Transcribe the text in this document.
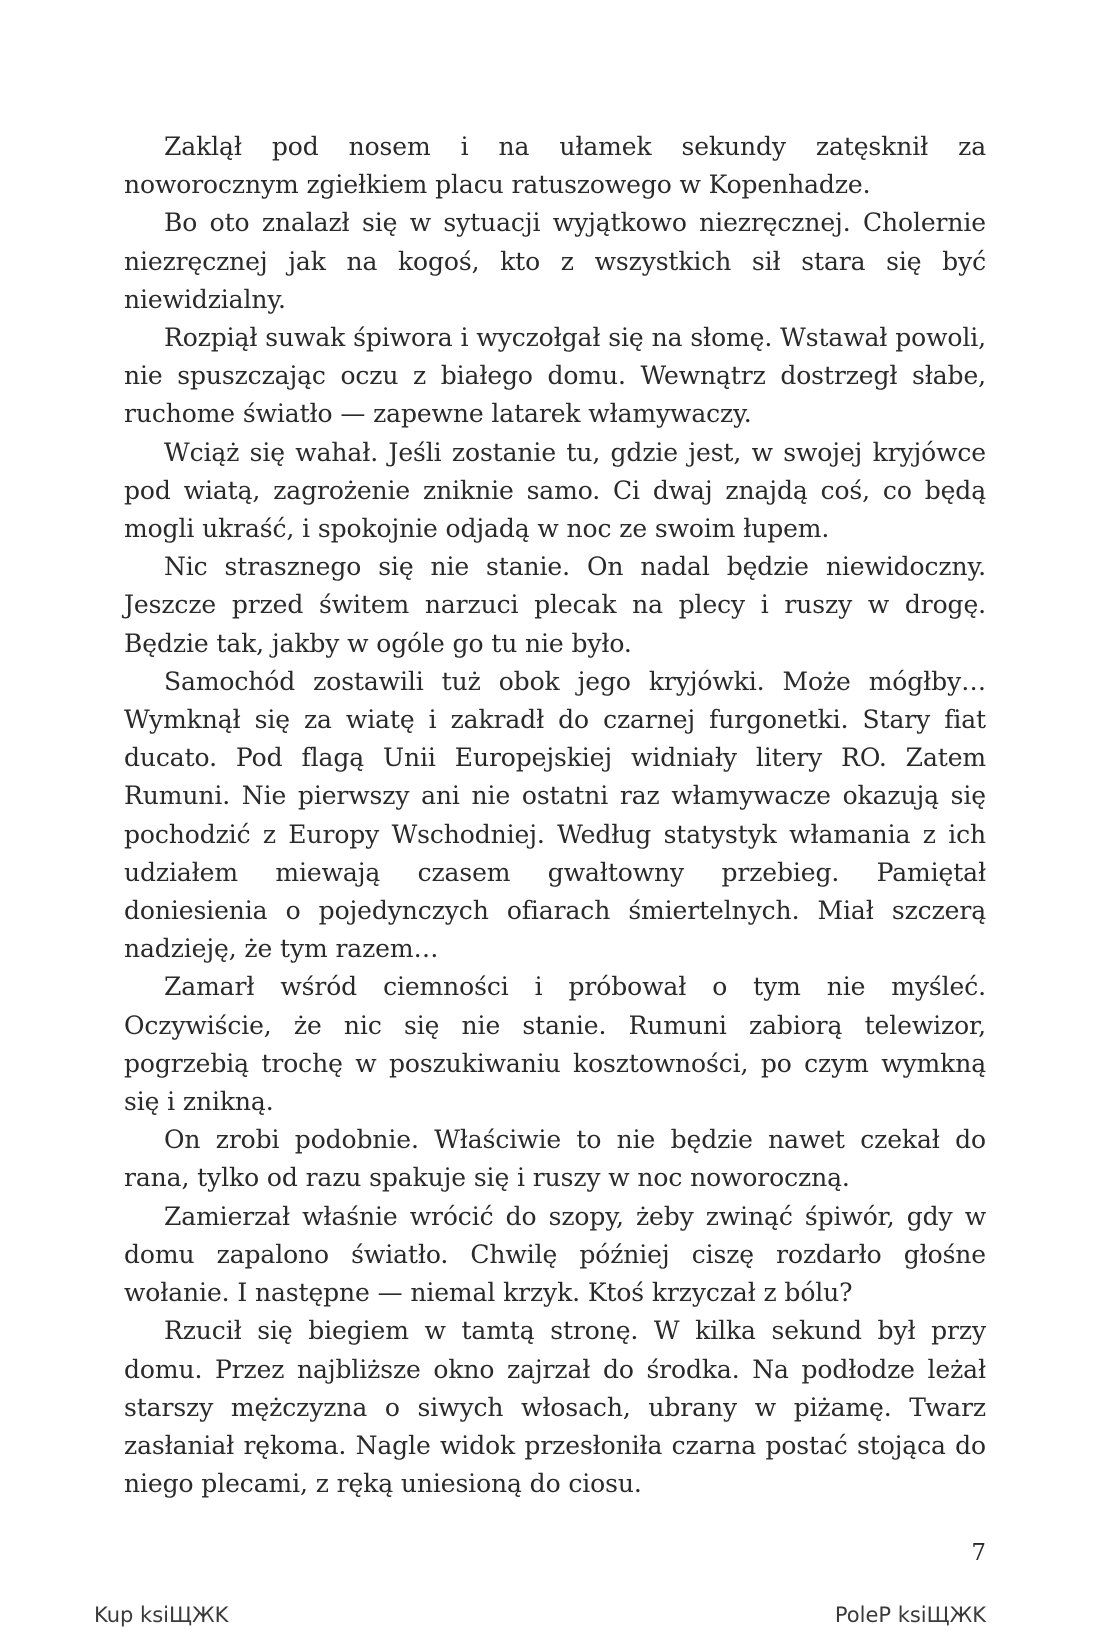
Zaklął pod nosem i na ułamek sekundy zatęsknił za noworocznym zgiełkiem placu ratuszowego w Kopenhadze.

Bo oto znalazł się w sytuacji wyjątkowo niezręcznej. Cholernie niezręcznej jak na kogoś, kto z wszystkich sił stara się być niewidzialny.

Rozpiął suwak śpiwora i wyczołgał się na słomę. Wstawał powoli, nie spuszczając oczu z białego domu. Wewnątrz dostrzegł słabe, ruchome światło — zapewne latarek włamywaczy.

Wciąż się wahał. Jeśli zostanie tu, gdzie jest, w swojej kryjówce pod wiatą, zagrożenie zniknie samo. Ci dwaj znajdą coś, co będą mogli ukraść, i spokojnie odjadą w noc ze swoim łupem.

Nic strasznego się nie stanie. On nadal będzie niewidoczny. Jeszcze przed świtem narzuci plecak na plecy i ruszy w drogę. Będzie tak, jakby w ogóle go tu nie było.

Samochód zostawili tuż obok jego kryjówki. Może mógłby… Wymknął się za wiatę i zakradł do czarnej furgonetki. Stary fiat ducato. Pod flagą Unii Europejskiej widniały litery RO. Zatem Rumuni. Nie pierwszy ani nie ostatni raz włamywacze okazują się pochodzić z Europy Wschodniej. Według statystyk włamania z ich udziałem miewają czasem gwałtowny przebieg. Pamiętał doniesienia o pojedynczych ofiarach śmiertelnych. Miał szczerą nadzieję, że tym razem…

Zamarł wśród ciemności i próbował o tym nie myśleć. Oczywiście, że nic się nie stanie. Rumuni zabiorą telewizor, pogrzebią trochę w poszukiwaniu kosztowności, po czym wymkną się i znikną.

On zrobi podobnie. Właściwie to nie będzie nawet czekał do rana, tylko od razu spakuje się i ruszy w noc noworoczną.

Zamierzał właśnie wrócić do szopy, żeby zwinąć śpiwór, gdy w domu zapalono światło. Chwilę później ciszę rozdarło głośne wołanie. I następne — niemal krzyk. Ktoś krzyczał z bólu?

Rzucił się biegiem w tamtą stronę. W kilka sekund był przy domu. Przez najbliższe okno zajrzał do środka. Na podłodze leżał starszy mężczyzna o siwych włosach, ubrany w piżamę. Twarz zasłaniał rękoma. Nagle widok przesłoniła czarna postać stojąca do niego plecami, z ręką uniesioną do ciosu.

7
Kup ksiЩЖK	PoleP ksiЩЖK
